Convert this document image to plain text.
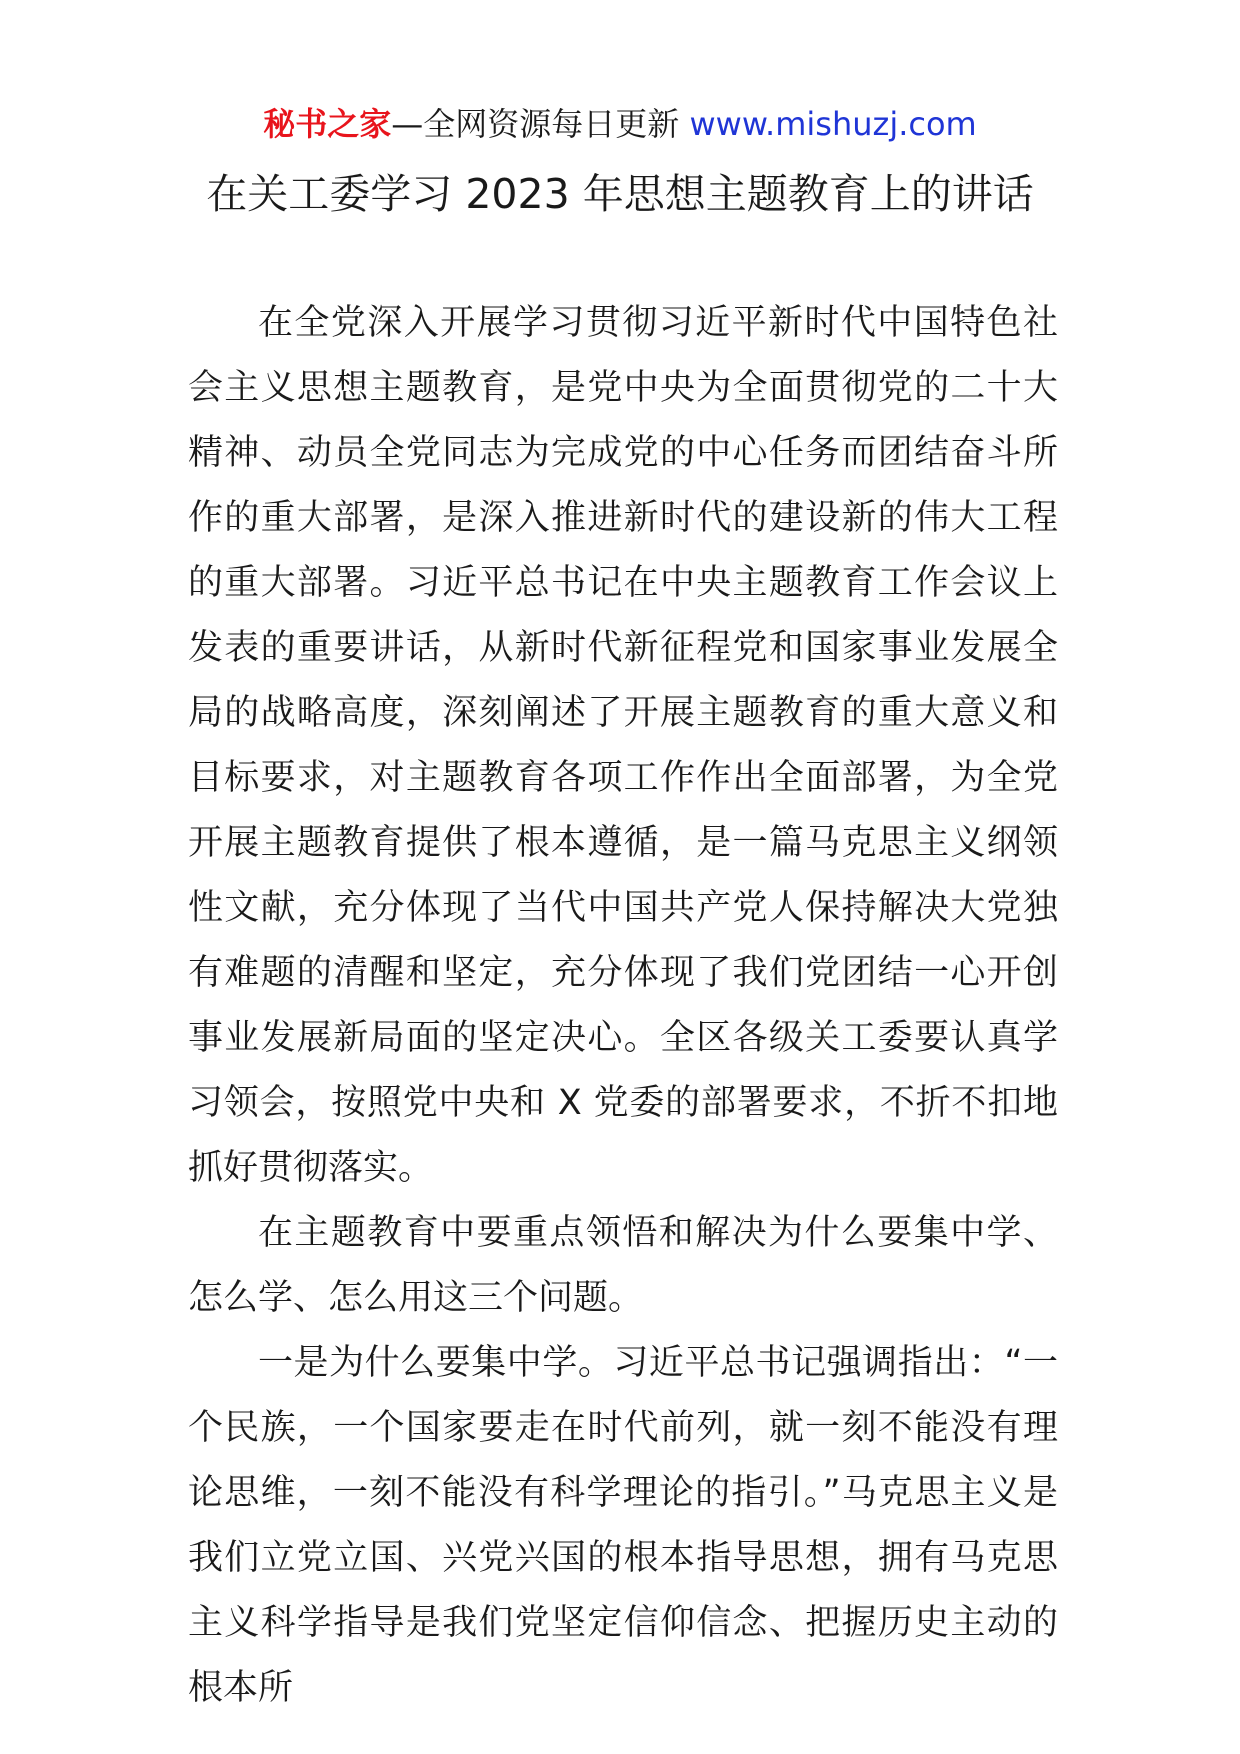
秘书之家—全网资源每日更新 www.mishuzj.com
在关工委学习 2023 年思想主题教育上的讲话

在全党深入开展学习贯彻习近平新时代中国特色社会主义思想主题教育，是党中央为全面贯彻党的二十大精神、动员全党同志为完成党的中心任务而团结奋斗所作的重大部署，是深入推进新时代的建设新的伟大工程的重大部署。习近平总书记在中央主题教育工作会议上发表的重要讲话，从新时代新征程党和国家事业发展全局的战略高度，深刻阐述了开展主题教育的重大意义和目标要求，对主题教育各项工作作出全面部署，为全党开展主题教育提供了根本遵循，是一篇马克思主义纲领性文献，充分体现了当代中国共产党人保持解决大党独有难题的清醒和坚定，充分体现了我们党团结一心开创事业发展新局面的坚定决心。全区各级关工委要认真学习领会，按照党中央和 X 党委的部署要求，不折不扣地抓好贯彻落实。

在主题教育中要重点领悟和解决为什么要集中学、怎么学、怎么用这三个问题。

一是为什么要集中学。习近平总书记强调指出：“一个民族，一个国家要走在时代前列，就一刻不能没有理论思维，一刻不能没有科学理论的指引。”马克思主义是我们立党立国、兴党兴国的根本指导思想，拥有马克思主义科学指导是我们党坚定信仰信念、把握历史主动的根本所
